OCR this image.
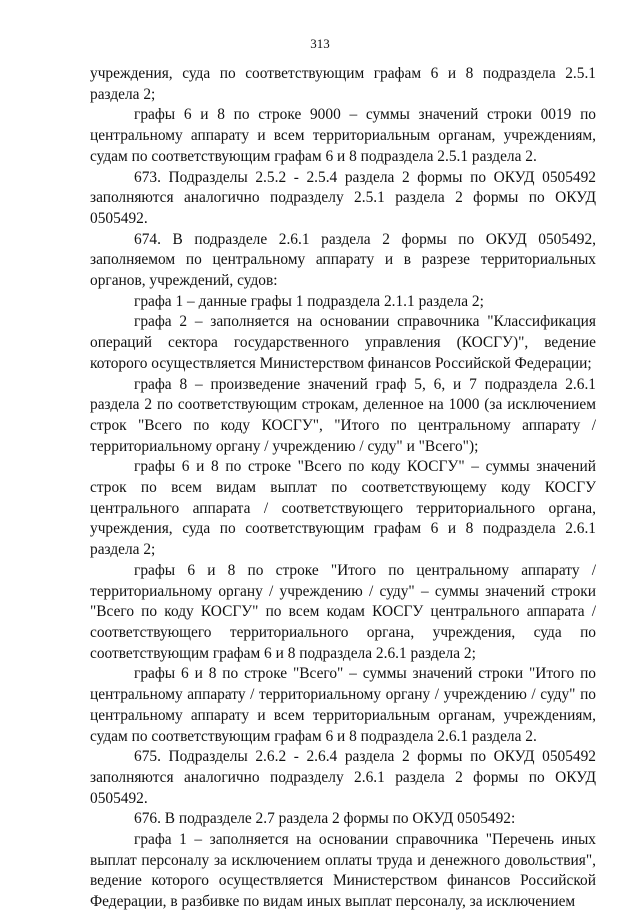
313

учреждения, суда по соответствующим графам 6 и 8 подраздела 2.5.1 раздела 2;

графы 6 и 8 по строке 9000 – суммы значений строки 0019 по центральному аппарату и всем территориальным органам, учреждениям, судам по соответствующим графам 6 и 8 подраздела 2.5.1 раздела 2.

673. Подразделы 2.5.2 - 2.5.4 раздела 2 формы по ОКУД 0505492 заполняются аналогично подразделу 2.5.1 раздела 2 формы по ОКУД 0505492.

674. В подразделе 2.6.1 раздела 2 формы по ОКУД 0505492, заполняемом по центральному аппарату и в разрезе территориальных органов, учреждений, судов:

графа 1 – данные графы 1 подраздела 2.1.1 раздела 2;

графа 2 – заполняется на основании справочника "Классификация операций сектора государственного управления (КОСГУ)", ведение которого осуществляется Министерством финансов Российской Федерации;

графа 8 – произведение значений граф 5, 6, и 7 подраздела 2.6.1 раздела 2 по соответствующим строкам, деленное на 1000 (за исключением строк "Всего по коду КОСГУ", "Итого по центральному аппарату / территориальному органу / учреждению / суду" и "Всего");

графы 6 и 8 по строке "Всего по коду КОСГУ" – суммы значений строк по всем видам выплат по соответствующему коду КОСГУ центрального аппарата / соответствующего территориального органа, учреждения, суда по соответствующим графам 6 и 8 подраздела 2.6.1 раздела 2;

графы 6 и 8 по строке "Итого по центральному аппарату / территориальному органу / учреждению / суду" – суммы значений строки "Всего по коду КОСГУ" по всем кодам КОСГУ центрального аппарата / соответствующего территориального органа, учреждения, суда по соответствующим графам 6 и 8 подраздела 2.6.1 раздела 2;

графы 6 и 8 по строке "Всего" – суммы значений строки "Итого по центральному аппарату / территориальному органу / учреждению / суду" по центральному аппарату и всем территориальным органам, учреждениям, судам по соответствующим графам 6 и 8 подраздела 2.6.1 раздела 2.

675. Подразделы 2.6.2 - 2.6.4 раздела 2 формы по ОКУД 0505492 заполняются аналогично подразделу 2.6.1 раздела 2 формы по ОКУД 0505492.

676. В подразделе 2.7 раздела 2 формы по ОКУД 0505492:

графа 1 – заполняется на основании справочника "Перечень иных выплат персоналу за исключением оплаты труда и денежного довольствия", ведение которого осуществляется Министерством финансов Российской Федерации, в разбивке по видам иных выплат персоналу, за исключением
